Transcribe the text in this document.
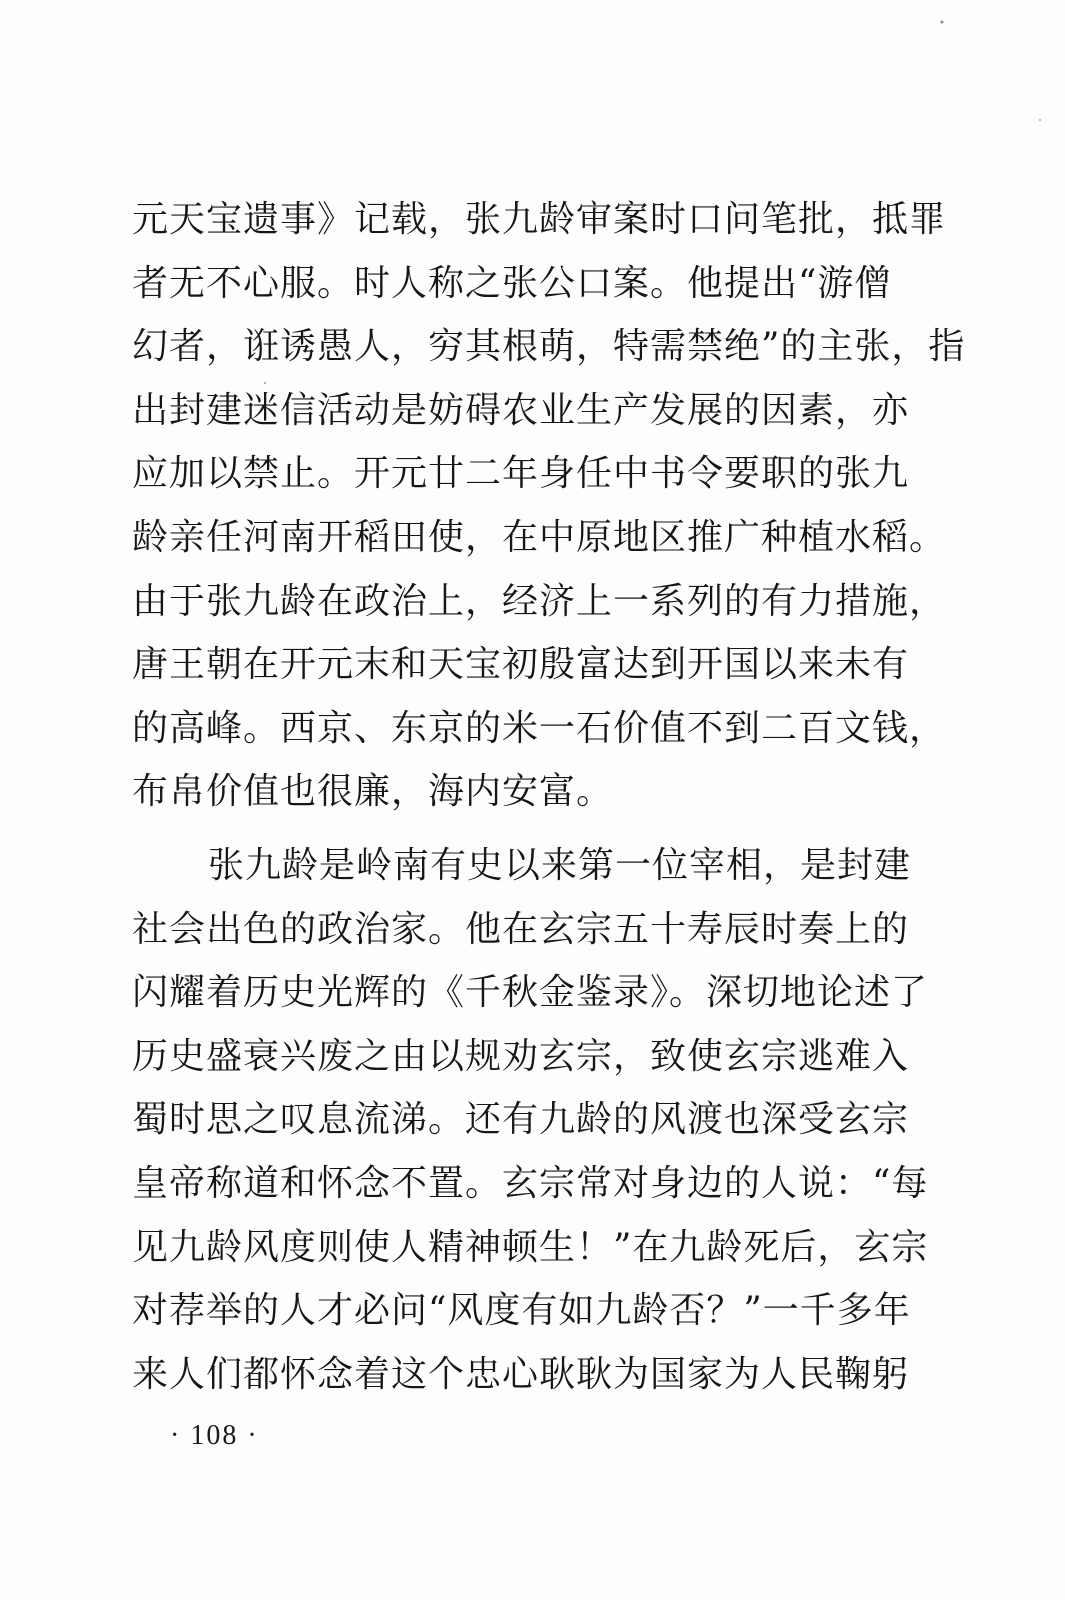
元天宝遗事》记载，张九龄审案时口问笔批，抵罪
者无不心服。时人称之张公口案。他提出“游僧
幻者，诳诱愚人，穷其根萌，特需禁绝”的主张，指
出封建迷信活动是妨碍农业生产发展的因素，亦
应加以禁止。开元廿二年身任中书令要职的张九
龄亲任河南开稻田使，在中原地区推广种植水稻。
由于张九龄在政治上，经济上一系列的有力措施，
唐王朝在开元末和天宝初殷富达到开国以来未有
的高峰。西京、东京的米一石价值不到二百文钱，
布帛价值也很廉，海内安富。
张九龄是岭南有史以来第一位宰相，是封建
社会出色的政治家。他在玄宗五十寿辰时奏上的
闪耀着历史光辉的《千秋金鉴录》。深切地论述了
历史盛衰兴废之由以规劝玄宗，致使玄宗逃难入
蜀时思之叹息流涕。还有九龄的风渡也深受玄宗
皇帝称道和怀念不置。玄宗常对身边的人说：“每
见九龄风度则使人精神顿生！”在九龄死后，玄宗
对荐举的人才必问“风度有如九龄否？”一千多年
来人们都怀念着这个忠心耿耿为国家为人民鞠躬
· 108 ·
